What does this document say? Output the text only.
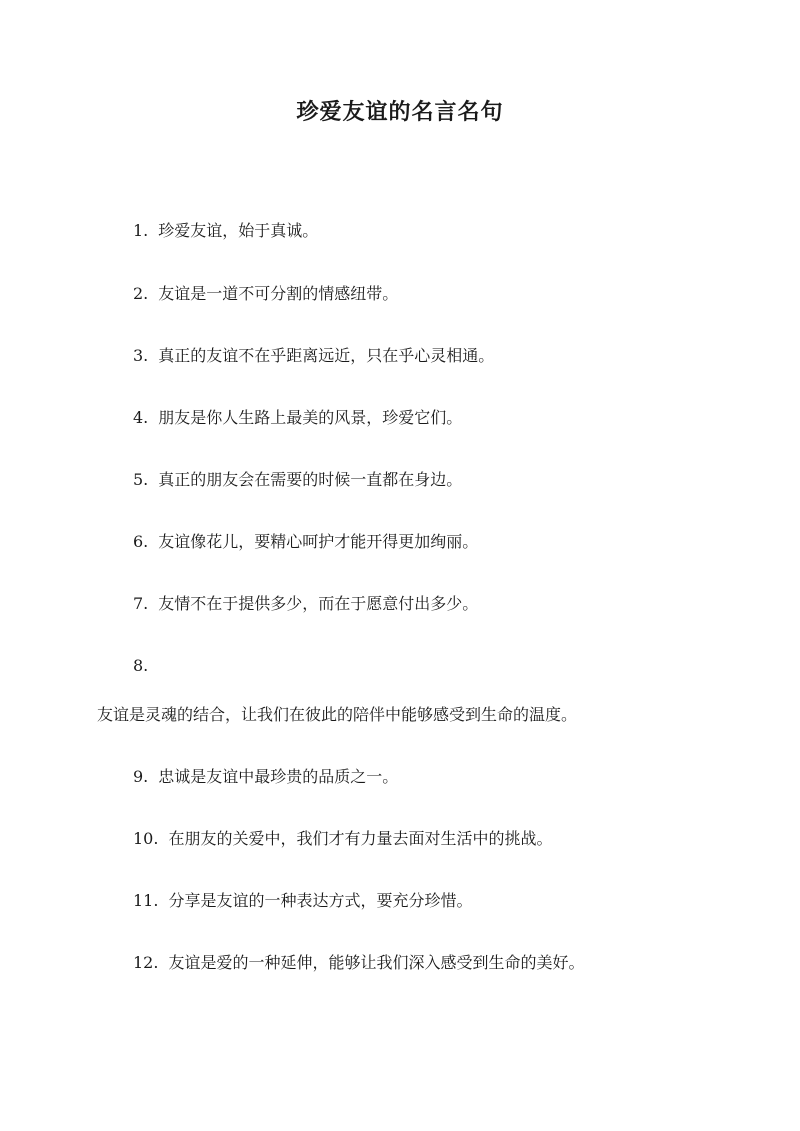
珍爱友谊的名言名句
1. 珍爱友谊，始于真诚。
2. 友谊是一道不可分割的情感纽带。
3. 真正的友谊不在乎距离远近，只在乎心灵相通。
4. 朋友是你人生路上最美的风景，珍爱它们。
5. 真正的朋友会在需要的时候一直都在身边。
6. 友谊像花儿，要精心呵护才能开得更加绚丽。
7. 友情不在于提供多少，而在于愿意付出多少。
8.
友谊是灵魂的结合，让我们在彼此的陪伴中能够感受到生命的温度。
9. 忠诚是友谊中最珍贵的品质之一。
10. 在朋友的关爱中，我们才有力量去面对生活中的挑战。
11. 分享是友谊的一种表达方式，要充分珍惜。
12. 友谊是爱的一种延伸，能够让我们深入感受到生命的美好。
